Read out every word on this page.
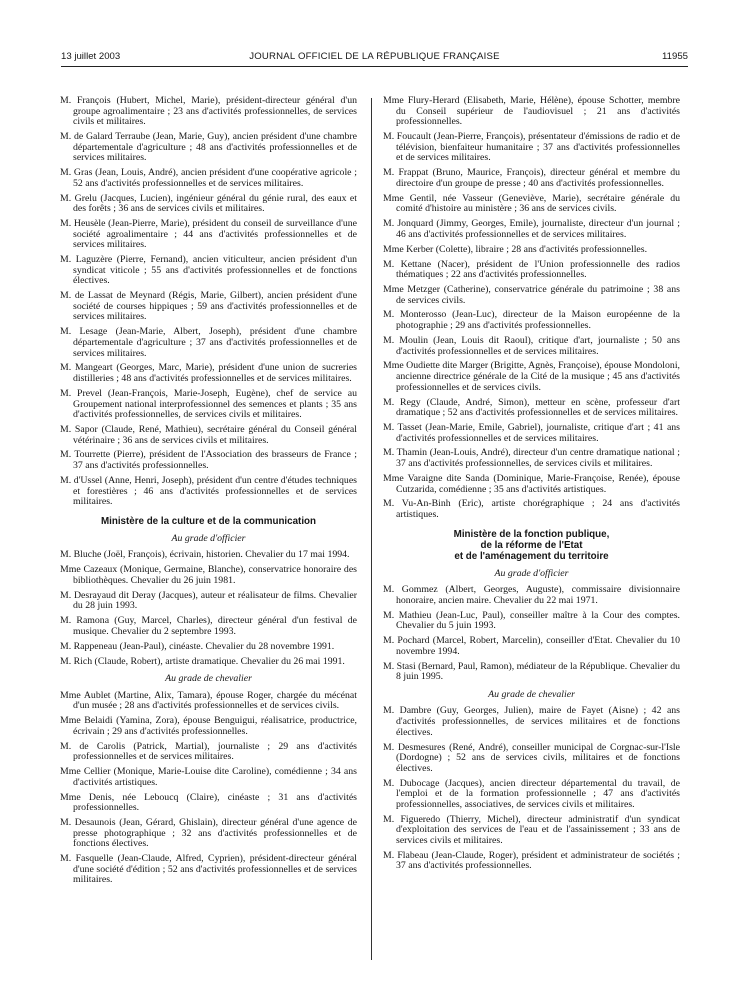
13 juillet 2003	JOURNAL OFFICIEL DE LA RÉPUBLIQUE FRANÇAISE	11955

M. François (Hubert, Michel, Marie), président-directeur général d'un groupe agroalimentaire ; 23 ans d'activités professionnelles, de services civils et militaires.

M. de Galard Terraube (Jean, Marie, Guy), ancien président d'une chambre départementale d'agriculture ; 48 ans d'activités professionnelles et de services militaires.

M. Gras (Jean, Louis, André), ancien président d'une coopérative agricole ; 52 ans d'activités professionnelles et de services militaires.

M. Grelu (Jacques, Lucien), ingénieur général du génie rural, des eaux et des forêts ; 36 ans de services civils et militaires.

M. Heusèle (Jean-Pierre, Marie), président du conseil de surveillance d'une société agroalimentaire ; 44 ans d'activités professionnelles et de services militaires.

M. Laguzère (Pierre, Fernand), ancien viticulteur, ancien président d'un syndicat viticole ; 55 ans d'activités professionnelles et de fonctions électives.

M. de Lassat de Meynard (Régis, Marie, Gilbert), ancien président d'une société de courses hippiques ; 59 ans d'activités professionnelles et de services militaires.

M. Lesage (Jean-Marie, Albert, Joseph), président d'une chambre départementale d'agriculture ; 37 ans d'activités professionnelles et de services militaires.

M. Mangeart (Georges, Marc, Marie), président d'une union de sucreries distilleries ; 48 ans d'activités professionnelles et de services militaires.

M. Prevel (Jean-François, Marie-Joseph, Eugène), chef de service au Groupement national interprofessionnel des semences et plants ; 35 ans d'activités professionnelles, de services civils et militaires.

M. Sapor (Claude, René, Mathieu), secrétaire général du Conseil général vétérinaire ; 36 ans de services civils et militaires.

M. Tourrette (Pierre), président de l'Association des brasseurs de France ; 37 ans d'activités professionnelles.

M. d'Ussel (Anne, Henri, Joseph), président d'un centre d'études techniques et forestières ; 46 ans d'activités professionnelles et de services militaires.

Ministère de la culture et de la communication
Au grade d'officier

M. Bluche (Joël, François), écrivain, historien. Chevalier du 17 mai 1994.

Mme Cazeaux (Monique, Germaine, Blanche), conservatrice honoraire des bibliothèques. Chevalier du 26 juin 1981.

M. Desrayaud dit Deray (Jacques), auteur et réalisateur de films. Chevalier du 28 juin 1993.

M. Ramona (Guy, Marcel, Charles), directeur général d'un festival de musique. Chevalier du 2 septembre 1993.

M. Rappeneau (Jean-Paul), cinéaste. Chevalier du 28 novembre 1991.

M. Rich (Claude, Robert), artiste dramatique. Chevalier du 26 mai 1991.

Au grade de chevalier

Mme Aublet (Martine, Alix, Tamara), épouse Roger, chargée du mécénat d'un musée ; 28 ans d'activités professionnelles et de services civils.

Mme Belaidi (Yamina, Zora), épouse Benguigui, réalisatrice, productrice, écrivain ; 29 ans d'activités professionnelles.

M. de Carolis (Patrick, Martial), journaliste ; 29 ans d'activités professionnelles et de services militaires.

Mme Cellier (Monique, Marie-Louise dite Caroline), comédienne ; 34 ans d'activités artistiques.

Mme Denis, née Leboucq (Claire), cinéaste ; 31 ans d'activités professionnelles.

M. Desaunois (Jean, Gérard, Ghislain), directeur général d'une agence de presse photographique ; 32 ans d'activités professionnelles et de fonctions électives.

M. Fasquelle (Jean-Claude, Alfred, Cyprien), président-directeur général d'une société d'édition ; 52 ans d'activités professionnelles et de services militaires.

Mme Flury-Herard (Elisabeth, Marie, Hélène), épouse Schotter, membre du Conseil supérieur de l'audiovisuel ; 21 ans d'activités professionnelles.

M. Foucault (Jean-Pierre, François), présentateur d'émissions de radio et de télévision, bienfaiteur humanitaire ; 37 ans d'activités professionnelles et de services militaires.

M. Frappat (Bruno, Maurice, François), directeur général et membre du directoire d'un groupe de presse ; 40 ans d'activités professionnelles.

Mme Gentil, née Vasseur (Geneviève, Marie), secrétaire générale du comité d'histoire au ministère ; 36 ans de services civils.

M. Jonquard (Jimmy, Georges, Emile), journaliste, directeur d'un journal ; 46 ans d'activités professionnelles et de services militaires.

Mme Kerber (Colette), libraire ; 28 ans d'activités professionnelles.

M. Kettane (Nacer), président de l'Union professionnelle des radios thématiques ; 22 ans d'activités professionnelles.

Mme Metzger (Catherine), conservatrice générale du patrimoine ; 38 ans de services civils.

M. Monterosso (Jean-Luc), directeur de la Maison européenne de la photographie ; 29 ans d'activités professionnelles.

M. Moulin (Jean, Louis dit Raoul), critique d'art, journaliste ; 50 ans d'activités professionnelles et de services militaires.

Mme Oudiette dite Marger (Brigitte, Agnès, Françoise), épouse Mondoloni, ancienne directrice générale de la Cité de la musique ; 45 ans d'activités professionnelles et de services civils.

M. Regy (Claude, André, Simon), metteur en scène, professeur d'art dramatique ; 52 ans d'activités professionnelles et de services militaires.

M. Tasset (Jean-Marie, Emile, Gabriel), journaliste, critique d'art ; 41 ans d'activités professionnelles et de services militaires.

M. Thamin (Jean-Louis, André), directeur d'un centre dramatique national ; 37 ans d'activités professionnelles, de services civils et militaires.

Mme Varaigne dite Sanda (Dominique, Marie-Françoise, Renée), épouse Cutzarida, comédienne ; 35 ans d'activités artistiques.

M. Vu-An-Binh (Eric), artiste chorégraphique ; 24 ans d'activités artistiques.

Ministère de la fonction publique,
de la réforme de l'Etat
et de l'aménagement du territoire
Au grade d'officier

M. Gommez (Albert, Georges, Auguste), commissaire divisionnaire honoraire, ancien maire. Chevalier du 22 mai 1971.

M. Mathieu (Jean-Luc, Paul), conseiller maître à la Cour des comptes. Chevalier du 5 juin 1993.

M. Pochard (Marcel, Robert, Marcelin), conseiller d'Etat. Chevalier du 10 novembre 1994.

M. Stasi (Bernard, Paul, Ramon), médiateur de la République. Chevalier du 8 juin 1995.

Au grade de chevalier

M. Dambre (Guy, Georges, Julien), maire de Fayet (Aisne) ; 42 ans d'activités professionnelles, de services militaires et de fonctions électives.

M. Desmesures (René, André), conseiller municipal de Corgnac-sur-l'Isle (Dordogne) ; 52 ans de services civils, militaires et de fonctions électives.

M. Dubocage (Jacques), ancien directeur départemental du travail, de l'emploi et de la formation professionnelle ; 47 ans d'activités professionnelles, associatives, de services civils et militaires.

M. Figueredo (Thierry, Michel), directeur administratif d'un syndicat d'exploitation des services de l'eau et de l'assainissement ; 33 ans de services civils et militaires.

M. Flabeau (Jean-Claude, Roger), président et administrateur de sociétés ; 37 ans d'activités professionnelles.
